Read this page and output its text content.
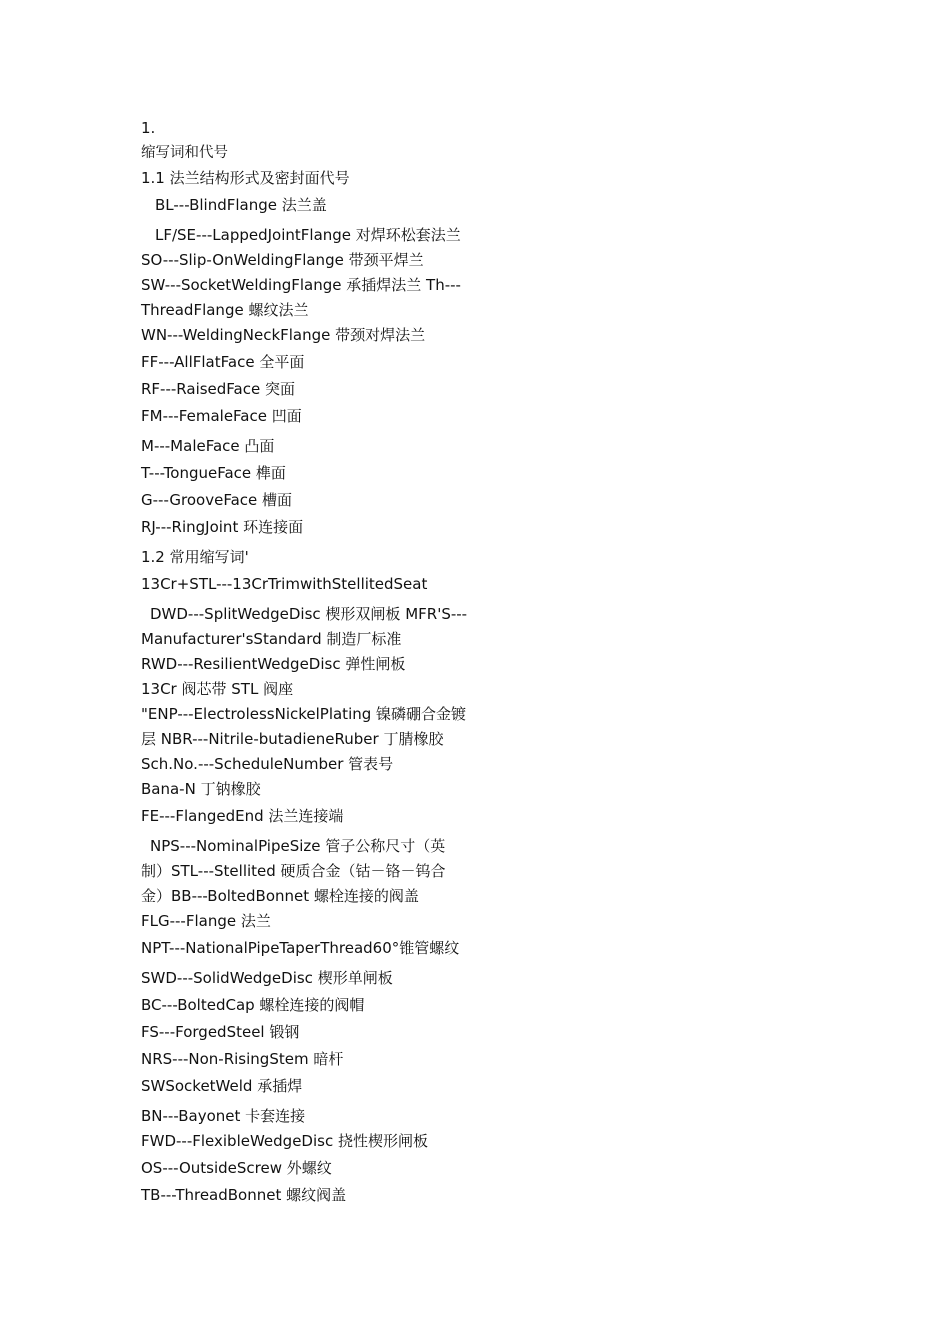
1.
缩写词和代号
1.1 法兰结构形式及密封面代号
BL---BlindFlange 法兰盖
LF/SE---LappedJointFlange 对焊环松套法兰
SO---Slip-OnWeldingFlange 带颈平焊兰
SW---SocketWeldingFlange 承插焊法兰 Th---
ThreadFlange 螺纹法兰
WN---WeldingNeckFlange 带颈对焊法兰
FF---AllFlatFace 全平面
RF---RaisedFace 突面
FM---FemaleFace 凹面
M---MaleFace 凸面
T---TongueFace 榫面
G---GrooveFace 槽面
RJ---RingJoint 环连接面
1.2 常用缩写词'
13Cr+STL---13CrTrimwithStellitedSeat
DWD---SplitWedgeDisc 楔形双闸板 MFR'S---
Manufacturer'sStandard 制造厂标准
RWD---ResilientWedgeDisc 弹性闸板
13Cr 阀芯带 STL 阀座
"ENP---ElectrolessNickelPlating 镍磷硼合金镀
层 NBR---Nitrile-butadieneRuber 丁腈橡胶
Sch.No.---ScheduleNumber 管表号
Bana-N 丁钠橡胶
FE---FlangedEnd 法兰连接端
NPS---NominalPipeSize 管子公称尺寸（英
制）STL---Stellited 硬质合金（钴－铬－钨合
金）BB---BoltedBonnet 螺栓连接的阀盖
FLG---Flange 法兰
NPT---NationalPipeTaperThread60°锥管螺纹
SWD---SolidWedgeDisc 楔形单闸板
BC---BoltedCap 螺栓连接的阀帽
FS---ForgedSteel 锻钢
NRS---Non-RisingStem 暗杆
SWSocketWeld 承插焊
BN---Bayonet 卡套连接
FWD---FlexibleWedgeDisc 挠性楔形闸板
OS---OutsideScrew 外螺纹
TB---ThreadBonnet 螺纹阀盖
